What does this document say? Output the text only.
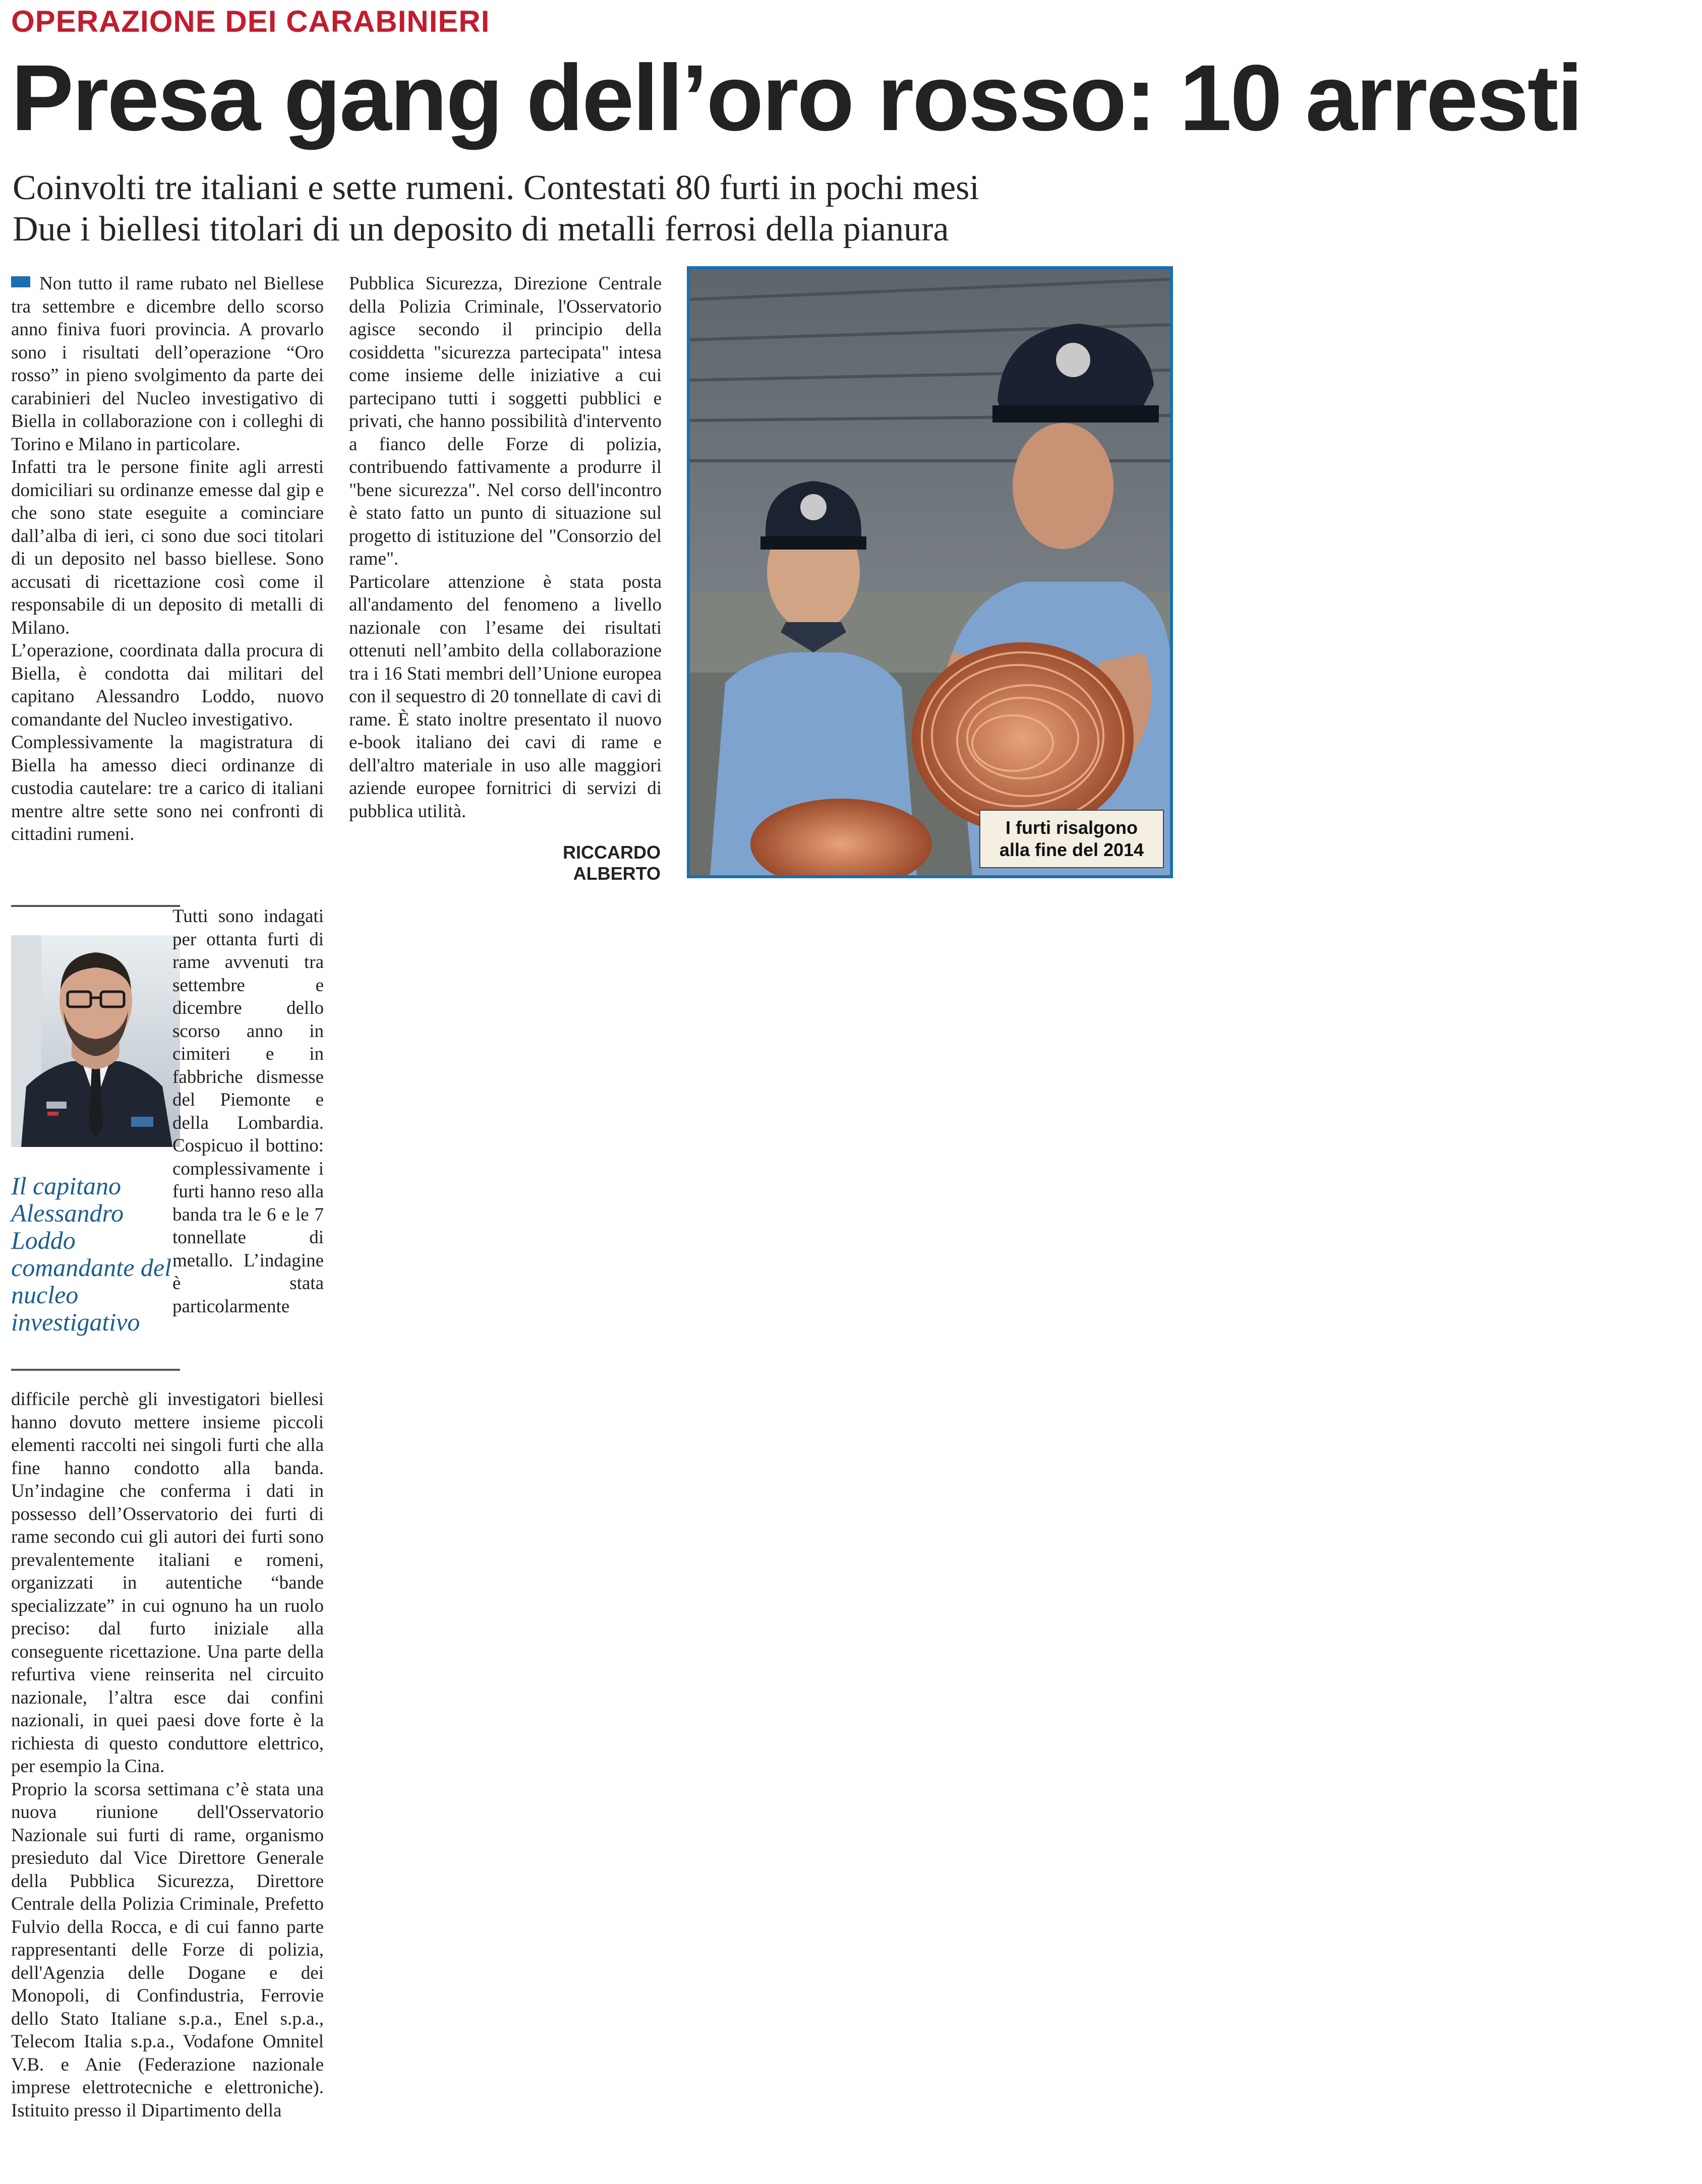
OPERAZIONE DEI CARABINIERI
Presa gang dell’oro rosso: 10 arresti
Coinvolti tre italiani e sette rumeni. Contestati 80 furti in pochi mesi
Due i biellesi titolari di un deposito di metalli ferrosi della pianura

Non tutto il rame rubato nel Biellese tra settembre e dicembre dello scorso anno finiva fuori provincia. A provarlo sono i risultati dell’operazione “Oro rosso” in pieno svolgimento da parte dei carabinieri del Nucleo investigativo di Biella in collaborazione con i colleghi di Torino e Milano in particolare.

Infatti tra le persone finite agli arresti domiciliari su ordinanze emesse dal gip e che sono state eseguite a cominciare dall’alba di ieri, ci sono due soci titolari di un deposito nel basso biellese. Sono accusati di ricettazione così come il responsabile di un deposito di metalli di Milano.

L’operazione, coordinata dalla procura di Biella, è condotta dai militari del capitano Alessandro Loddo, nuovo comandante del Nucleo investigativo.

Complessivamente la magistratura di Biella ha amesso dieci ordinanze di custodia cautelare: tre a carico di italiani mentre altre sette sono nei confronti di cittadini rumeni.

Il capitano Alessandro Loddo comandante del nucleo investigativo
Tutti sono indagati per ottanta furti di rame avvenuti tra settembre e dicembre dello scorso anno in cimiteri e in fabbriche dismesse del Piemonte e della Lombardia. Cospicuo il bottino: complessivamente i furti hanno reso alla banda tra le 6 e le 7 tonnellate di metallo. L’indagine è stata particolarmente

difficile perchè gli investigatori biellesi hanno dovuto mettere insieme piccoli elementi raccolti nei singoli furti che alla fine hanno condotto alla banda. Un’indagine che conferma i dati in possesso dell’Osservatorio dei furti di rame secondo cui gli autori dei furti sono prevalentemente italiani e romeni, organizzati in autentiche “bande specializzate” in cui ognuno ha un ruolo preciso: dal furto iniziale alla conseguente ricettazione. Una parte della refurtiva viene reinserita nel circuito nazionale, l’altra esce dai confini nazionali, in quei paesi dove forte è la richiesta di questo conduttore elettrico, per esempio la Cina.

Proprio la scorsa settimana c’è stata una nuova riunione dell'Osservatorio Nazionale sui furti di rame, organismo presieduto dal Vice Direttore Generale della Pubblica Sicurezza, Direttore Centrale della Polizia Criminale, Prefetto Fulvio della Rocca, e di cui fanno parte rappresentanti delle Forze di polizia, dell'Agenzia delle Dogane e dei Monopoli, di Confindustria, Ferrovie dello Stato Italiane s.p.a., Enel s.p.a., Telecom Italia s.p.a., Vodafone Omnitel V.B. e Anie (Federazione nazionale imprese elettrotecniche e elettroniche). Istituito presso il Dipartimento della

Pubblica Sicurezza, Direzione Centrale della Polizia Criminale, l'Osservatorio agisce secondo il principio della cosiddetta "sicurezza partecipata" intesa come insieme delle iniziative a cui partecipano tutti i soggetti pubblici e privati, che hanno possibilità d'intervento a fianco delle Forze di polizia, contribuendo fattivamente a produrre il "bene sicurezza". Nel corso dell'incontro è stato fatto un punto di situazione sul progetto di istituzione del "Consorzio del rame".

Particolare attenzione è stata posta all'andamento del fenomeno a livello nazionale con l’esame dei risultati ottenuti nell’ambito della collaborazione tra i 16 Stati membri dell’Unione europea con il sequestro di 20 tonnellate di cavi di rame. È stato inoltre presentato il nuovo e-book italiano dei cavi di rame e dell'altro materiale in uso alle maggiori aziende europee fornitrici di servizi di pubblica utilità.

RICCARDO ALBERTO
I furti risalgono alla fine del 2014
